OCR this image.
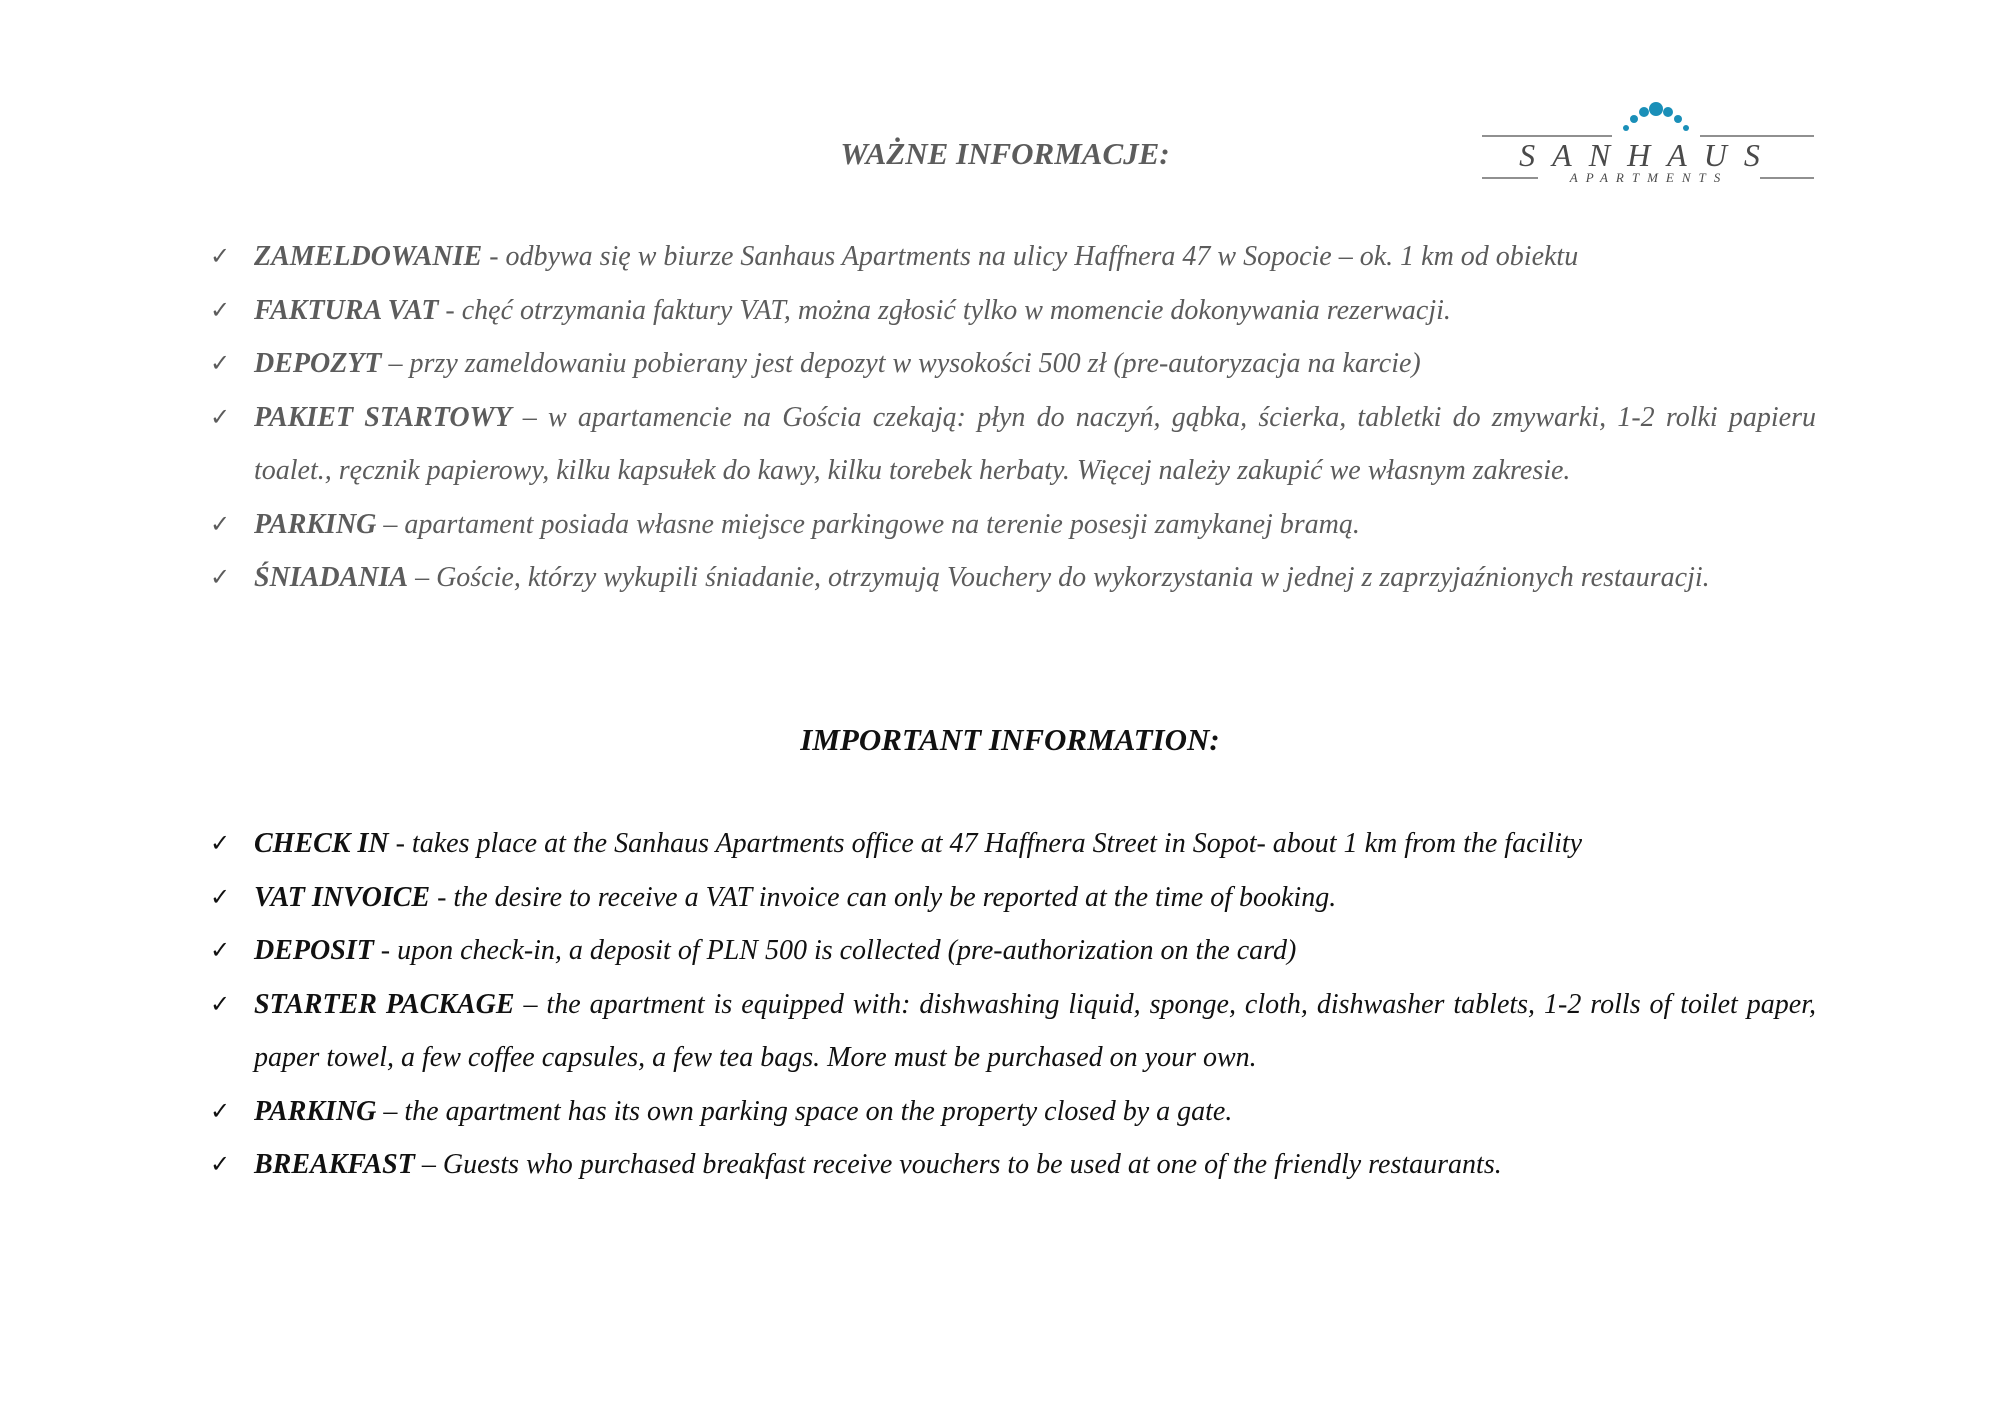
SANHAUS
APARTMENTS
WAŻNE INFORMACJE:
✓ ZAMELDOWANIE - odbywa się w biurze Sanhaus Apartments na ulicy Haffnera 47 w Sopocie – ok. 1 km od obiektu
✓ FAKTURA VAT - chęć otrzymania faktury VAT, można zgłosić tylko w momencie dokonywania rezerwacji.
✓ DEPOZYT – przy zameldowaniu pobierany jest depozyt w wysokości 500 zł (pre-autoryzacja na karcie)
✓ PAKIET STARTOWY – w apartamencie na Gościa czekają: płyn do naczyń, gąbka, ścierka, tabletki do zmywarki, 1-2 rolki papieru toalet., ręcznik papierowy, kilku kapsułek do kawy, kilku torebek herbaty. Więcej należy zakupić we własnym zakresie.
✓ PARKING – apartament posiada własne miejsce parkingowe na terenie posesji zamykanej bramą.
✓ ŚNIADANIA – Goście, którzy wykupili śniadanie, otrzymują Vouchery do wykorzystania w jednej z zaprzyjaźnionych restauracji.
IMPORTANT INFORMATION:
✓ CHECK IN - takes place at the Sanhaus Apartments office at 47 Haffnera Street in Sopot- about 1 km from the facility
✓ VAT INVOICE - the desire to receive a VAT invoice can only be reported at the time of booking.
✓ DEPOSIT - upon check-in, a deposit of PLN 500 is collected (pre-authorization on the card)
✓ STARTER PACKAGE – the apartment is equipped with: dishwashing liquid, sponge, cloth, dishwasher tablets, 1-2 rolls of toilet paper, paper towel, a few coffee capsules, a few tea bags. More must be purchased on your own.
✓ PARKING – the apartment has its own parking space on the property closed by a gate.
✓ BREAKFAST – Guests who purchased breakfast receive vouchers to be used at one of the friendly restaurants.
